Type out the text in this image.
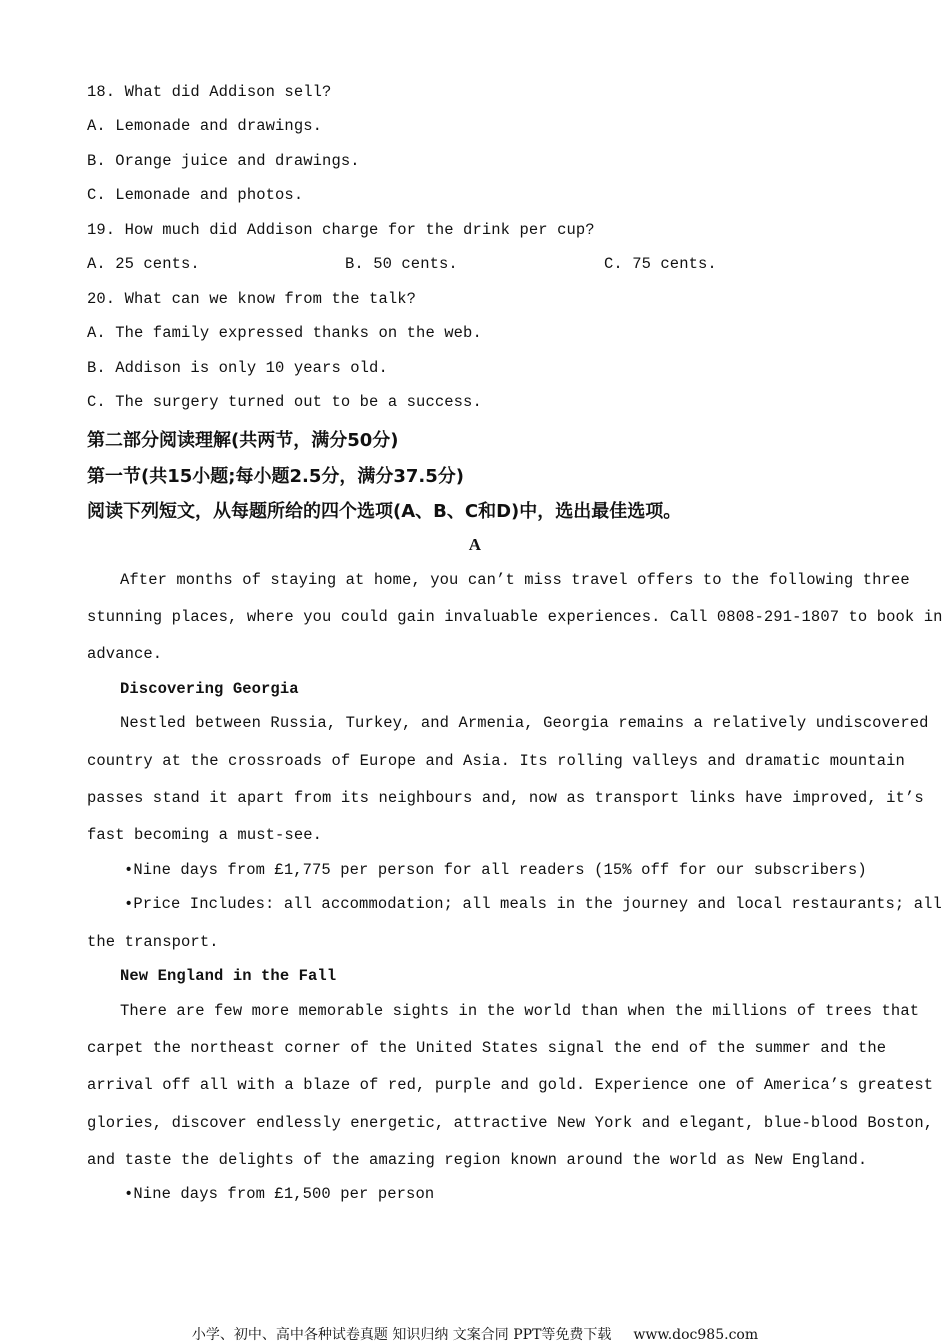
18. What did Addison sell?
A. Lemonade and drawings.
B. Orange juice and drawings.
C. Lemonade and photos.
19. How much did Addison charge for the drink per cup?
A. 25 cents.	B. 50 cents.	C. 75 cents.
20. What can we know from the talk?
A. The family expressed thanks on the web.
B. Addison is only 10 years old.
C. The surgery turned out to be a success.
第二部分阅读理解(共两节，满分50分)
第一节(共15小题;每小题2.5分，满分37.5分)
阅读下列短文，从每题所给的四个选项(A、B、C和D)中，选出最佳选项。
A
After months of staying at home, you can’t miss travel offers to the following three
stunning places, where you could gain invaluable experiences. Call 0808-291-1807 to book in
advance.
Discovering Georgia
Nestled between Russia, Turkey, and Armenia, Georgia remains a relatively undiscovered
country at the crossroads of Europe and Asia. Its rolling valleys and dramatic mountain
passes stand it apart from its neighbours and, now as transport links have improved, it’s
fast becoming a must-see.
•Nine days from £1,775 per person for all readers (15% off for our subscribers)
•Price Includes: all accommodation; all meals in the journey and local restaurants; all
the transport.
New England in the Fall
There are few more memorable sights in the world than when the millions of trees that
carpet the northeast corner of the United States signal the end of the summer and the
arrival off all with a blaze of red, purple and gold. Experience one of America’s greatest
glories, discover endlessly energetic, attractive New York and elegant, blue-blood Boston,
and taste the delights of the amazing region known around the world as New England.
•Nine days from £1,500 per person
小学、初中、高中各种试卷真题 知识归纳 文案合同 PPT等免费下载 www.doc985.com
